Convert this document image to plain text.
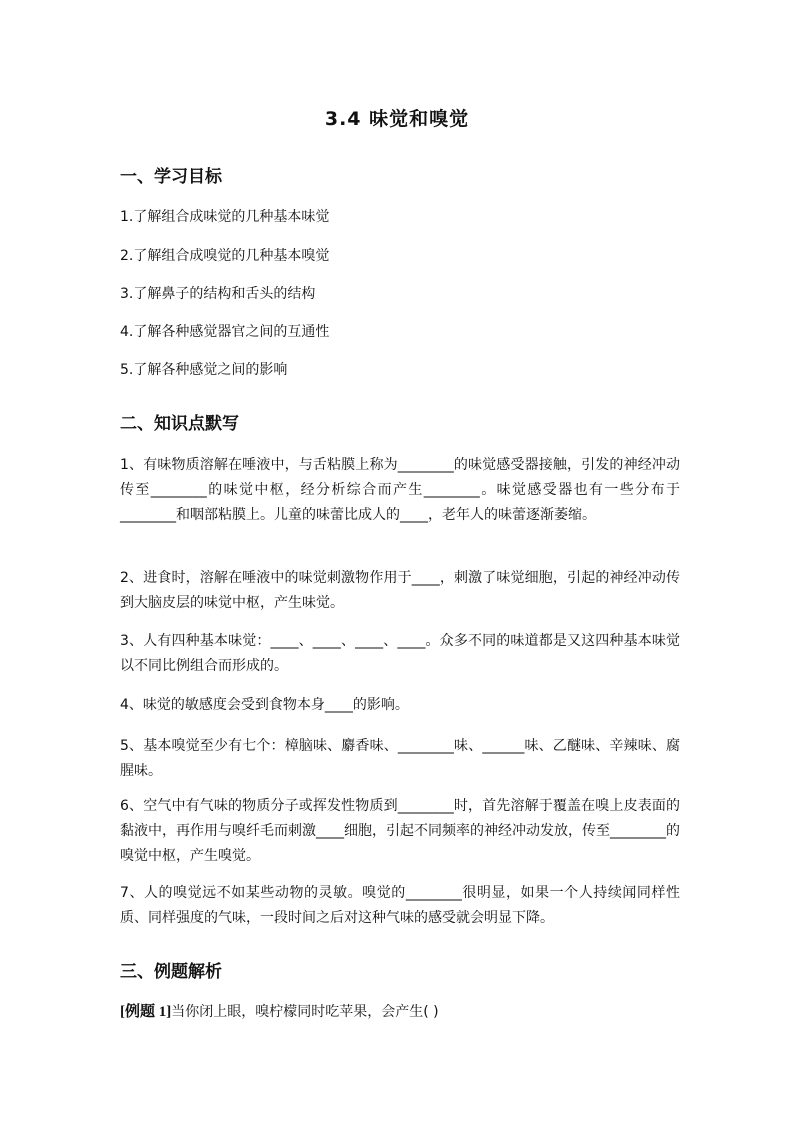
3.4 味觉和嗅觉
一、学习目标
1.了解组合成味觉的几种基本味觉
2.了解组合成嗅觉的几种基本嗅觉
3.了解鼻子的结构和舌头的结构
4.了解各种感觉器官之间的互通性
5.了解各种感觉之间的影响
二、知识点默写
1、有味物质溶解在唾液中，与舌粘膜上称为________的味觉感受器接触，引发的神经冲动传至________的味觉中枢，经分析综合而产生________。味觉感受器也有一些分布于________和咽部粘膜上。儿童的味蕾比成人的____，老年人的味蕾逐渐萎缩。
2、进食时，溶解在唾液中的味觉刺激物作用于____，刺激了味觉细胞，引起的神经冲动传到大脑皮层的味觉中枢，产生味觉。
3、人有四种基本味觉：____、____、____、____。众多不同的味道都是又这四种基本味觉以不同比例组合而形成的。
4、味觉的敏感度会受到食物本身____的影响。
5、基本嗅觉至少有七个：樟脑味、麝香味、________味、______味、乙醚味、辛辣味、腐腥味。
6、空气中有气味的物质分子或挥发性物质到________时，首先溶解于覆盖在嗅上皮表面的黏液中，再作用与嗅纤毛而刺激____细胞，引起不同频率的神经冲动发放，传至________的嗅觉中枢，产生嗅觉。
7、人的嗅觉远不如某些动物的灵敏。嗅觉的________很明显，如果一个人持续闻同样性质、同样强度的气味，一段时间之后对这种气味的感受就会明显下降。
三、例题解析
[例题 1]当你闭上眼，嗅柠檬同时吃苹果，会产生( )
